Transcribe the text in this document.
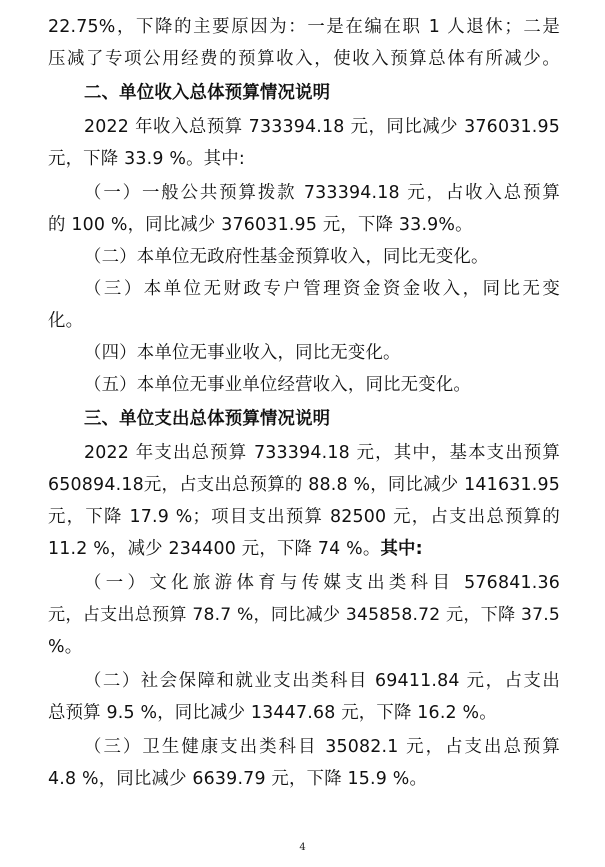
22.75%，下降的主要原因为：一是在编在职 1 人退休；二是
压减了专项公用经费的预算收入，使收入预算总体有所减少。
二、单位收入总体预算情况说明
2022 年收入总预算 733394.18 元，同比减少 376031.95
元，下降 33.9 %。其中:
（一）一般公共预算拨款 733394.18 元，占收入总预算
的 100 %，同比减少 376031.95 元，下降 33.9%。
（二）本单位无政府性基金预算收入，同比无变化。
（三）本单位无财政专户管理资金资金收入，同比无变
化。
（四）本单位无事业收入，同比无变化。
（五）本单位无事业单位经营收入，同比无变化。
三、单位支出总体预算情况说明
2022 年支出总预算 733394.18 元，其中，基本支出预算
650894.18元，占支出总预算的 88.8 %，同比减少 141631.95
元，下降 17.9 %；项目支出预算 82500 元，占支出总预算的
11.2 %，减少 234400 元，下降 74 %。其中:
（一）文化旅游体育与传媒支出类科目 576841.36
元，占支出总预算 78.7 %，同比减少 345858.72 元，下降 37.5
%。
（二）社会保障和就业支出类科目 69411.84 元，占支出
总预算 9.5 %，同比减少 13447.68 元，下降 16.2 %。
（三）卫生健康支出类科目 35082.1 元，占支出总预算
4.8 %，同比减少 6639.79 元，下降 15.9 %。
4
